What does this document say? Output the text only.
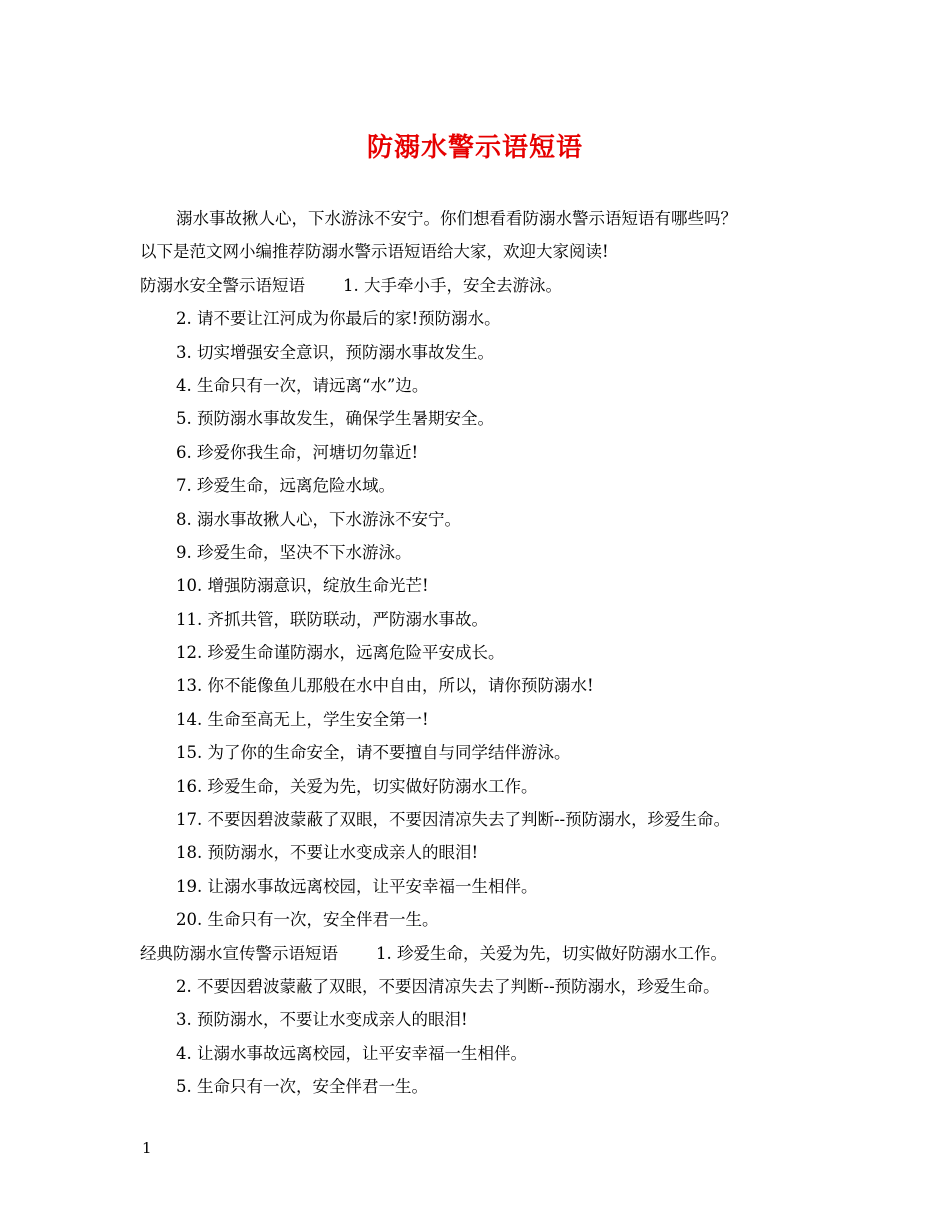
防溺水警示语短语
溺水事故揪人心，下水游泳不安宁。你们想看看防溺水警示语短语有哪些吗？
以下是范文网小编推荐防溺水警示语短语给大家，欢迎大家阅读!
防溺水安全警示语短语 1. 大手牵小手，安全去游泳。
2. 请不要让江河成为你最后的家!预防溺水。
3. 切实增强安全意识，预防溺水事故发生。
4. 生命只有一次，请远离“水”边。
5. 预防溺水事故发生，确保学生暑期安全。
6. 珍爱你我生命，河塘切勿靠近!
7. 珍爱生命，远离危险水域。
8. 溺水事故揪人心，下水游泳不安宁。
9. 珍爱生命，坚决不下水游泳。
10. 增强防溺意识，绽放生命光芒!
11. 齐抓共管，联防联动，严防溺水事故。
12. 珍爱生命谨防溺水，远离危险平安成长。
13. 你不能像鱼儿那般在水中自由，所以，请你预防溺水!
14. 生命至高无上，学生安全第一!
15. 为了你的生命安全，请不要擅自与同学结伴游泳。
16. 珍爱生命，关爱为先，切实做好防溺水工作。
17. 不要因碧波蒙蔽了双眼，不要因清凉失去了判断--预防溺水，珍爱生命。
18. 预防溺水，不要让水变成亲人的眼泪!
19. 让溺水事故远离校园，让平安幸福一生相伴。
20. 生命只有一次，安全伴君一生。
经典防溺水宣传警示语短语 1. 珍爱生命，关爱为先，切实做好防溺水工作。
2. 不要因碧波蒙蔽了双眼，不要因清凉失去了判断--预防溺水，珍爱生命。
3. 预防溺水，不要让水变成亲人的眼泪!
4. 让溺水事故远离校园，让平安幸福一生相伴。
5. 生命只有一次，安全伴君一生。
1
